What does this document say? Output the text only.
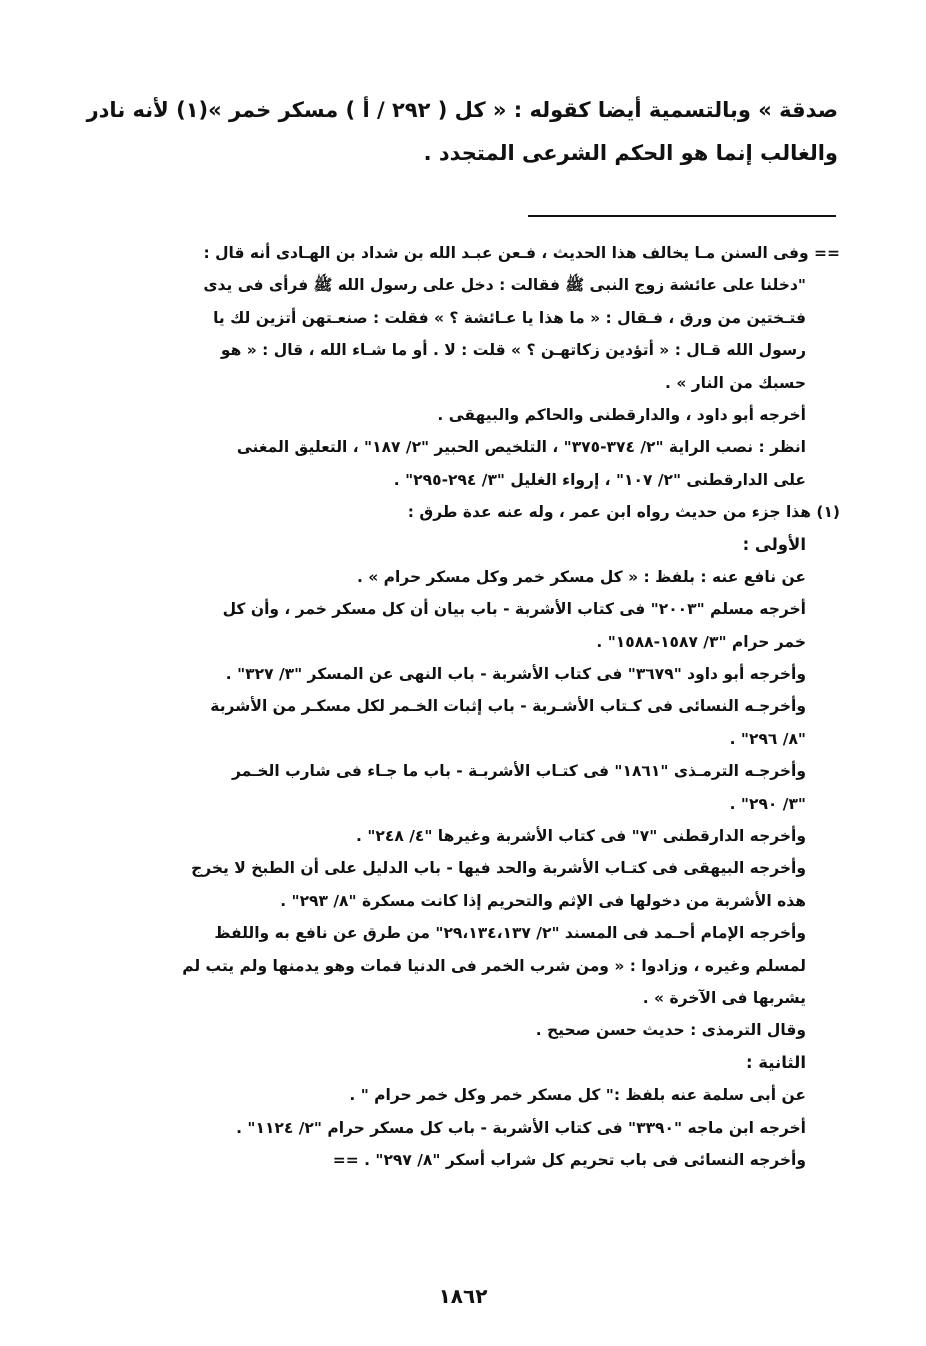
صدقة » وبالتسمية أيضا كقوله : « كل ( ٢٩٢ / أ ) مسكر خمر »(١) لأنه نادر
والغالب إنما هو الحكم الشرعى المتجدد .
== وفى السنن مـا يخالف هذا الحديث ، فـعن عبـد الله بن شداد بن الهـادى أنه قال :
"دخلنا على عائشة زوج النبى ﷺ فقالت : دخل على رسول الله ﷺ فرأى فى يدى
فتـختين من ورق ، فـقال : « ما هذا يا عـائشة ؟ » فقلت : صنعـتهن أتزين لك يا
رسول الله قـال : « أتؤدين زكاتهـن ؟ » قلت : لا . أو ما شـاء الله ، قال : « هو
حسبك من النار » .
أخرجه أبو داود ، والدارقطنى والحاكم والبيهقى .
انظر : نصب الراية "٢/ ٣٧٤-٣٧٥" ، التلخيص الحبير "٢/ ١٨٧" ، التعليق المغنى
على الدارقطنى "٢/ ١٠٧" ، إرواء الغليل "٣/ ٢٩٤-٢٩٥" .
(١) هذا جزء من حديث رواه ابن عمر ، وله عنه عدة طرق :
الأولى :
عن نافع عنه : بلفظ : « كل مسكر خمر وكل مسكر حرام » .
أخرجه مسلم "٢٠٠٣" فى كتاب الأشربة - باب بيان أن كل مسكر خمر ، وأن كل
خمر حرام "٣/ ١٥٨٧-١٥٨٨" .
وأخرجه أبو داود "٣٦٧٩" فى كتاب الأشربة - باب النهى عن المسكر "٣/ ٣٢٧" .
وأخرجـه النسائى فى كـتاب الأشـربة - باب إثبات الخـمر لكل مسكـر من الأشربة
"٨/ ٢٩٦" .
وأخرجـه الترمـذى "١٨٦١" فى كتـاب الأشربـة - باب ما جـاء فى شارب الخـمر
"٣/ ٢٩٠" .
وأخرجه الدارقطنى "٧" فى كتاب الأشربة وغيرها "٤/ ٢٤٨" .
وأخرجه البيهقى فى كتـاب الأشربة والحد فيها - باب الدليل على أن الطبخ لا يخرج
هذه الأشربة من دخولها فى الإثم والتحريم إذا كانت مسكرة "٨/ ٢٩٣" .
وأخرجه الإمام أحـمد فى المسند "٢/ ٢٩،١٣٤،١٣٧" من طرق عن نافع به واللفظ
لمسلم وغيره ، وزادوا : « ومن شرب الخمر فى الدنيا فمات وهو يدمنها ولم يتب لم
يشربها فى الآخرة » .
وقال الترمذى : حديث حسن صحيح .
الثانية :
عن أبى سلمة عنه بلفظ :" كل مسكر خمر وكل خمر حرام " .
أخرجه ابن ماجه "٣٣٩٠" فى كتاب الأشربة - باب كل مسكر حرام "٢/ ١١٢٤" .
وأخرجه النسائى فى باب تحريم كل شراب أسكر "٨/ ٢٩٧" . ==
١٨٦٢
